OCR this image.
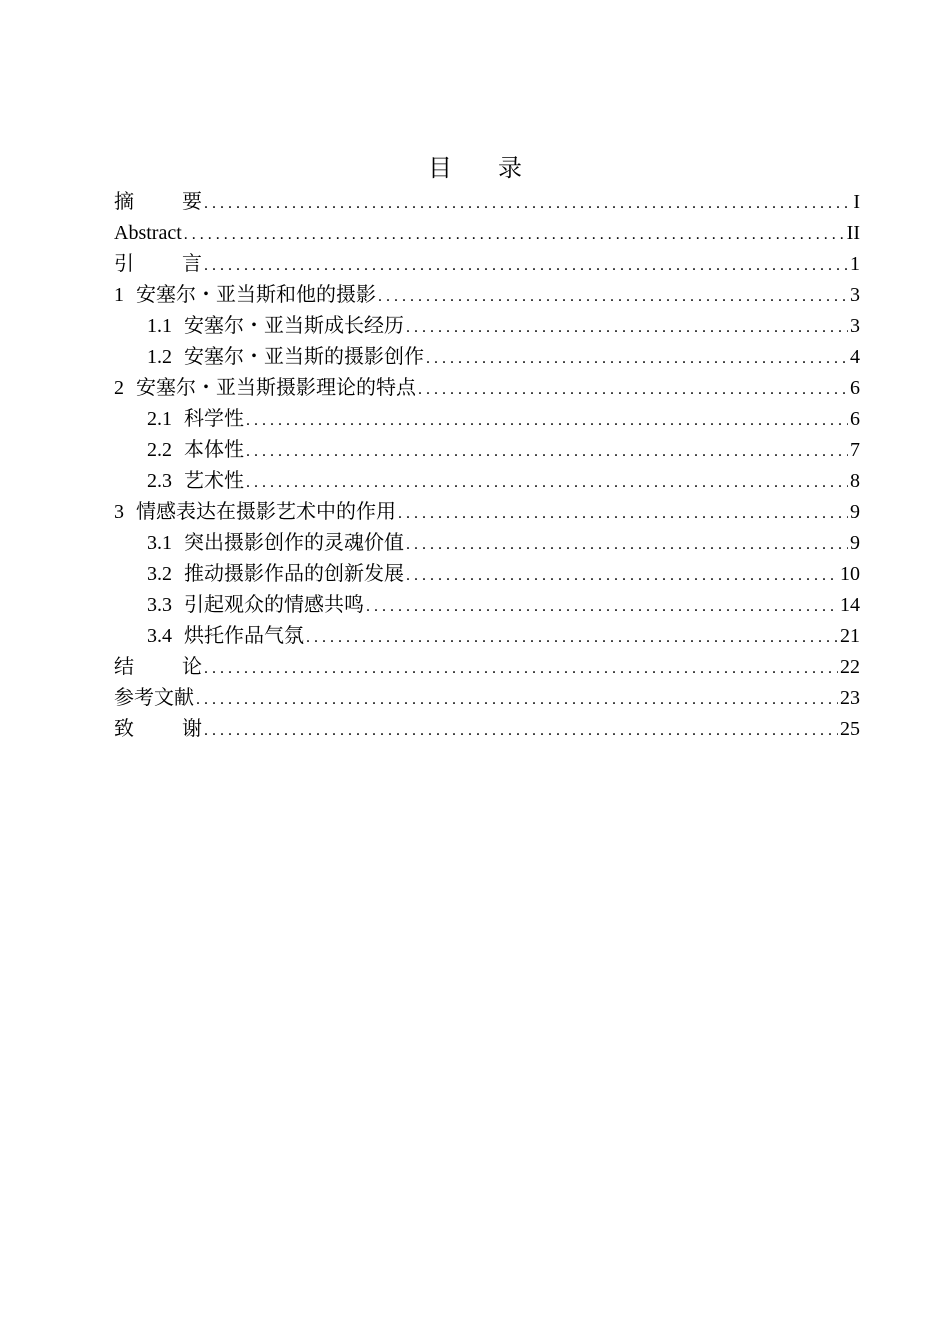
目 录
摘要 . . .	I
Abstract . . .	II
引言 . . .	1
1 安塞尔・亚当斯和他的摄影 . . .	3
1.1 安塞尔・亚当斯成长经历 . . .	3
1.2 安塞尔・亚当斯的摄影创作 . . .	4
2 安塞尔・亚当斯摄影理论的特点 . . .	6
2.1 科学性 . . .	6
2.2 本体性 . . .	7
2.3 艺术性 . . .	8
3 情感表达在摄影艺术中的作用 . . .	9
3.1 突出摄影创作的灵魂价值 . . .	9
3.2 推动摄影作品的创新发展 . . .	10
3.3 引起观众的情感共鸣 . . .	14
3.4 烘托作品气氛 . . .	21
结论 . . .	22
参考文献 . . .	23
致谢 . . .	25
